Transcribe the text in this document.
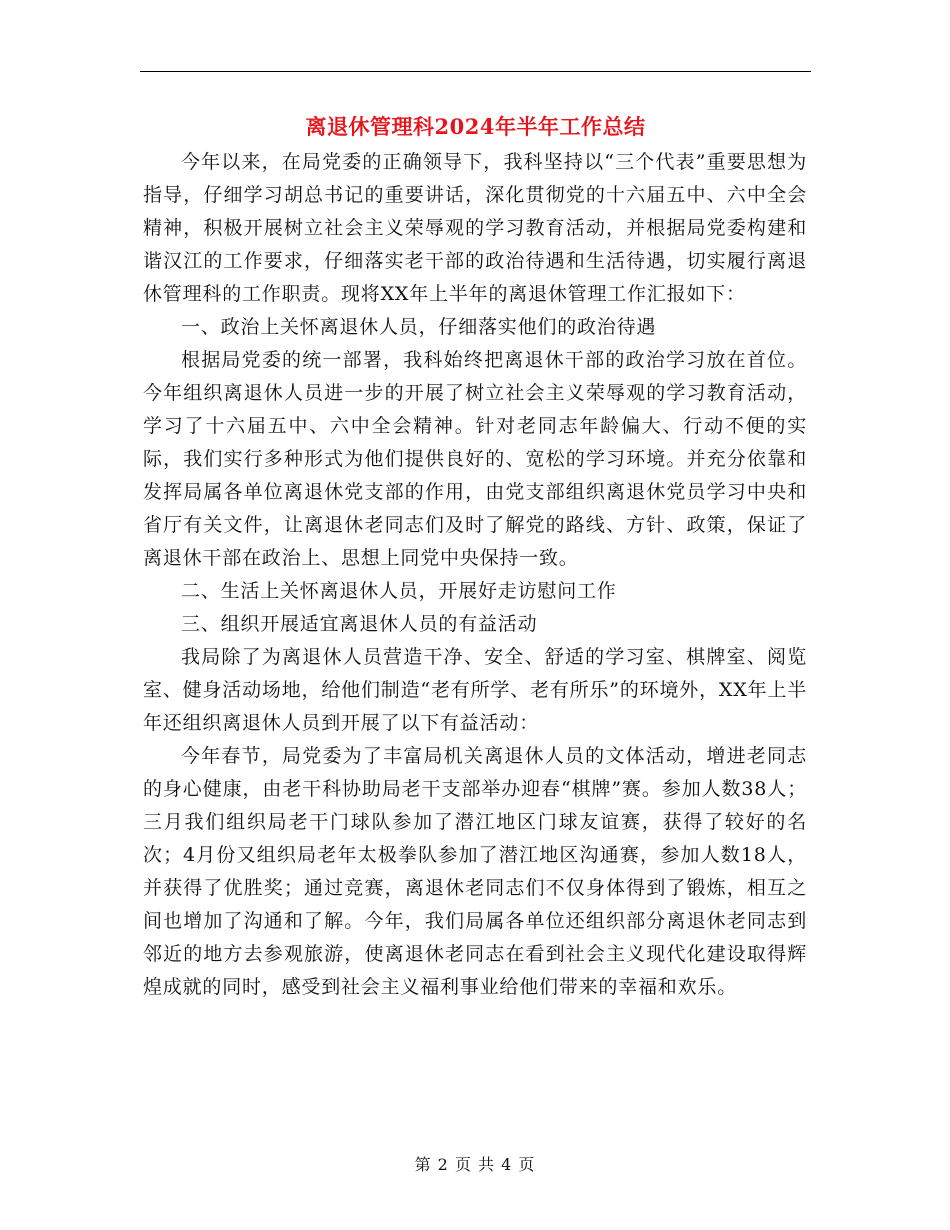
离退休管理科2024年半年工作总结

今年以来，在局党委的正确领导下，我科坚持以“三个代表”重要思想为指导，仔细学习胡总书记的重要讲话，深化贯彻党的十六届五中、六中全会精神，积极开展树立社会主义荣辱观的学习教育活动，并根据局党委构建和谐汉江的工作要求，仔细落实老干部的政治待遇和生活待遇，切实履行离退休管理科的工作职责。现将XX年上半年的离退休管理工作汇报如下：

一、政治上关怀离退休人员，仔细落实他们的政治待遇

根据局党委的统一部署，我科始终把离退休干部的政治学习放在首位。今年组织离退休人员进一步的开展了树立社会主义荣辱观的学习教育活动，学习了十六届五中、六中全会精神。针对老同志年龄偏大、行动不便的实际，我们实行多种形式为他们提供良好的、宽松的学习环境。并充分依靠和发挥局属各单位离退休党支部的作用，由党支部组织离退休党员学习中央和省厅有关文件，让离退休老同志们及时了解党的路线、方针、政策，保证了离退休干部在政治上、思想上同党中央保持一致。

二、生活上关怀离退休人员，开展好走访慰问工作

三、组织开展适宜离退休人员的有益活动

我局除了为离退休人员营造干净、安全、舒适的学习室、棋牌室、阅览室、健身活动场地，给他们制造“老有所学、老有所乐”的环境外，XX年上半年还组织离退休人员到开展了以下有益活动：

今年春节，局党委为了丰富局机关离退休人员的文体活动，增进老同志的身心健康，由老干科协助局老干支部举办迎春“棋牌”赛。参加人数38人；三月我们组织局老干门球队参加了潜江地区门球友谊赛，获得了较好的名次；4月份又组织局老年太极拳队参加了潜江地区沟通赛，参加人数18人，并获得了优胜奖；通过竞赛，离退休老同志们不仅身体得到了锻炼，相互之间也增加了沟通和了解。今年，我们局属各单位还组织部分离退休老同志到邻近的地方去参观旅游，使离退休老同志在看到社会主义现代化建设取得辉煌成就的同时，感受到社会主义福利事业给他们带来的幸福和欢乐。

第 2 页 共 4 页
